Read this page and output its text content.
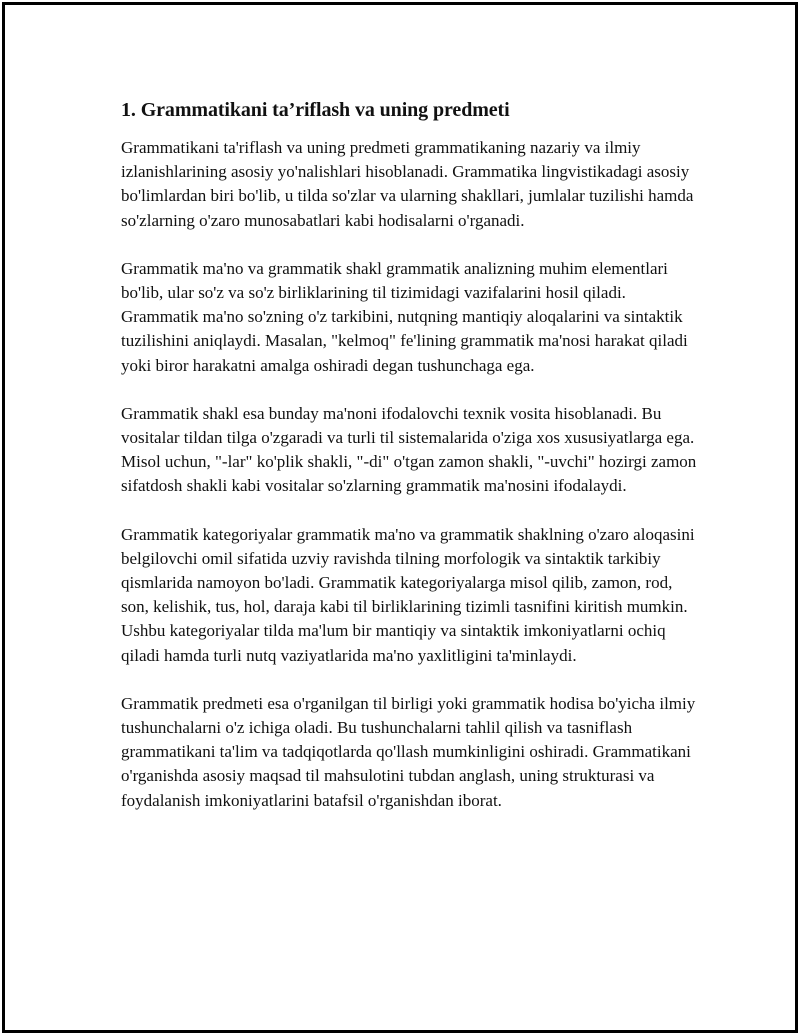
1. Grammatikani ta’riflash va uning predmeti

Grammatikani ta'riflash va uning predmeti grammatikaning nazariy va ilmiy izlanishlarining asosiy yo'nalishlari hisoblanadi. Grammatika lingvistikadagi asosiy bo'limlardan biri bo'lib, u tilda so'zlar va ularning shakllari, jumlalar tuzilishi hamda so'zlarning o'zaro munosabatlari kabi hodisalarni o'rganadi.

Grammatik ma'no va grammatik shakl grammatik analizning muhim elementlari bo'lib, ular so'z va so'z birliklarining til tizimidagi vazifalarini hosil qiladi. Grammatik ma'no so'zning o'z tarkibini, nutqning mantiqiy aloqalarini va sintaktik tuzilishini aniqlaydi. Masalan, "kelmoq" fe'lining grammatik ma'nosi harakat qiladi yoki biror harakatni amalga oshiradi degan tushunchaga ega.

Grammatik shakl esa bunday ma'noni ifodalovchi texnik vosita hisoblanadi. Bu vositalar tildan tilga o'zgaradi va turli til sistemalarida o'ziga xos xususiyatlarga ega. Misol uchun, "-lar" ko'plik shakli, "-di" o'tgan zamon shakli, "-uvchi" hozirgi zamon sifatdosh shakli kabi vositalar so'zlarning grammatik ma'nosini ifodalaydi.

Grammatik kategoriyalar grammatik ma'no va grammatik shaklning o'zaro aloqasini belgilovchi omil sifatida uzviy ravishda tilning morfologik va sintaktik tarkibiy qismlarida namoyon bo'ladi. Grammatik kategoriyalarga misol qilib, zamon, rod, son, kelishik, tus, hol, daraja kabi til birliklarining tizimli tasnifini kiritish mumkin. Ushbu kategoriyalar tilda ma'lum bir mantiqiy va sintaktik imkoniyatlarni ochiq qiladi hamda turli nutq vaziyatlarida ma'no yaxlitligini ta'minlaydi.

Grammatik predmeti esa o'rganilgan til birligi yoki grammatik hodisa bo'yicha ilmiy tushunchalarni o'z ichiga oladi. Bu tushunchalarni tahlil qilish va tasniflash grammatikani ta'lim va tadqiqotlarda qo'llash mumkinligini oshiradi. Grammatikani o'rganishda asosiy maqsad til mahsulotini tubdan anglash, uning strukturasi va foydalanish imkoniyatlarini batafsil o'rganishdan iborat.
